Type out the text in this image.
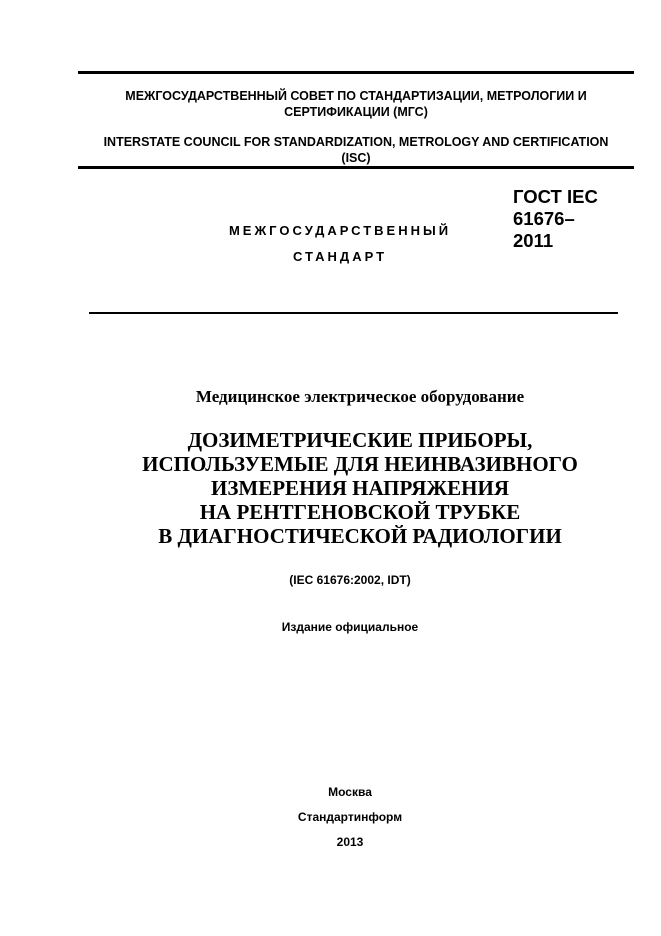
МЕЖГОСУДАРСТВЕННЫЙ СОВЕТ ПО СТАНДАРТИЗАЦИИ, МЕТРОЛОГИИ И
СЕРТИФИКАЦИИ (МГС)
INTERSTATE COUNCIL FOR STANDARDIZATION, METROLOGY AND CERTIFICATION
(ISC)
МЕЖГОСУДАРСТВЕННЫЙ
СТАНДАРТ
ГОСТ IEC
61676–
2011
Медицинское электрическое оборудование
ДОЗИМЕТРИЧЕСКИЕ ПРИБОРЫ,
ИСПОЛЬЗУЕМЫЕ ДЛЯ НЕИНВАЗИВНОГО
ИЗМЕРЕНИЯ НАПРЯЖЕНИЯ
НА РЕНТГЕНОВСКОЙ ТРУБКЕ
В ДИАГНОСТИЧЕСКОЙ РАДИОЛОГИИ
(IEC 61676:2002, IDT)
Издание официальное
Москва
Стандартинформ
2013
